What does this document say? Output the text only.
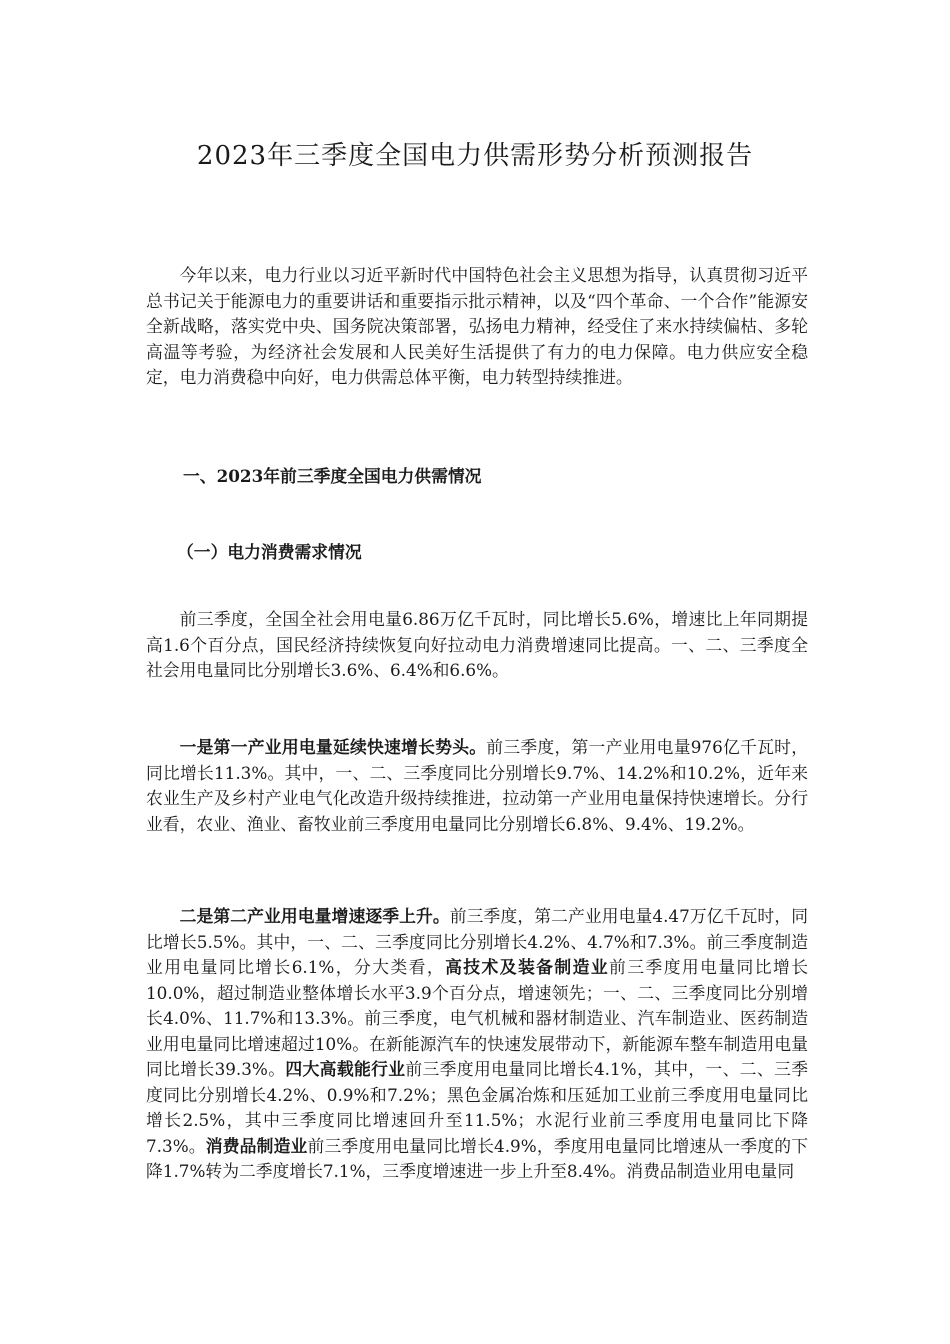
2023年三季度全国电力供需形势分析预测报告

今年以来，电力行业以习近平新时代中国特色社会主义思想为指导，认真贯彻习近平总书记关于能源电力的重要讲话和重要指示批示精神，以及“四个革命、一个合作”能源安全新战略，落实党中央、国务院决策部署，弘扬电力精神，经受住了来水持续偏枯、多轮高温等考验，为经济社会发展和人民美好生活提供了有力的电力保障。电力供应安全稳定，电力消费稳中向好，电力供需总体平衡，电力转型持续推进。

一、2023年前三季度全国电力供需情况
（一）电力消费需求情况

前三季度，全国全社会用电量6.86万亿千瓦时，同比增长5.6%，增速比上年同期提高1.6个百分点，国民经济持续恢复向好拉动电力消费增速同比提高。一、二、三季度全社会用电量同比分别增长3.6%、6.4%和6.6%。

一是第一产业用电量延续快速增长势头。前三季度，第一产业用电量976亿千瓦时，同比增长11.3%。其中，一、二、三季度同比分别增长9.7%、14.2%和10.2%，近年来农业生产及乡村产业电气化改造升级持续推进，拉动第一产业用电量保持快速增长。分行业看，农业、渔业、畜牧业前三季度用电量同比分别增长6.8%、9.4%、19.2%。

二是第二产业用电量增速逐季上升。前三季度，第二产业用电量4.47万亿千瓦时，同比增长5.5%。其中，一、二、三季度同比分别增长4.2%、4.7%和7.3%。前三季度制造业用电量同比增长6.1%，分大类看，高技术及装备制造业前三季度用电量同比增长10.0%，超过制造业整体增长水平3.9个百分点，增速领先；一、二、三季度同比分别增长4.0%、11.7%和13.3%。前三季度，电气机械和器材制造业、汽车制造业、医药制造业用电量同比增速超过10%。在新能源汽车的快速发展带动下，新能源车整车制造用电量同比增长39.3%。四大高载能行业前三季度用电量同比增长4.1%，其中，一、二、三季度同比分别增长4.2%、0.9%和7.2%；黑色金属冶炼和压延加工业前三季度用电量同比增长2.5%，其中三季度同比增速回升至11.5%；水泥行业前三季度用电量同比下降7.3%。消费品制造业前三季度用电量同比增长4.9%，季度用电量同比增速从一季度的下降1.7%转为二季度增长7.1%，三季度增速进一步上升至8.4%。消费品制造业用电量同
